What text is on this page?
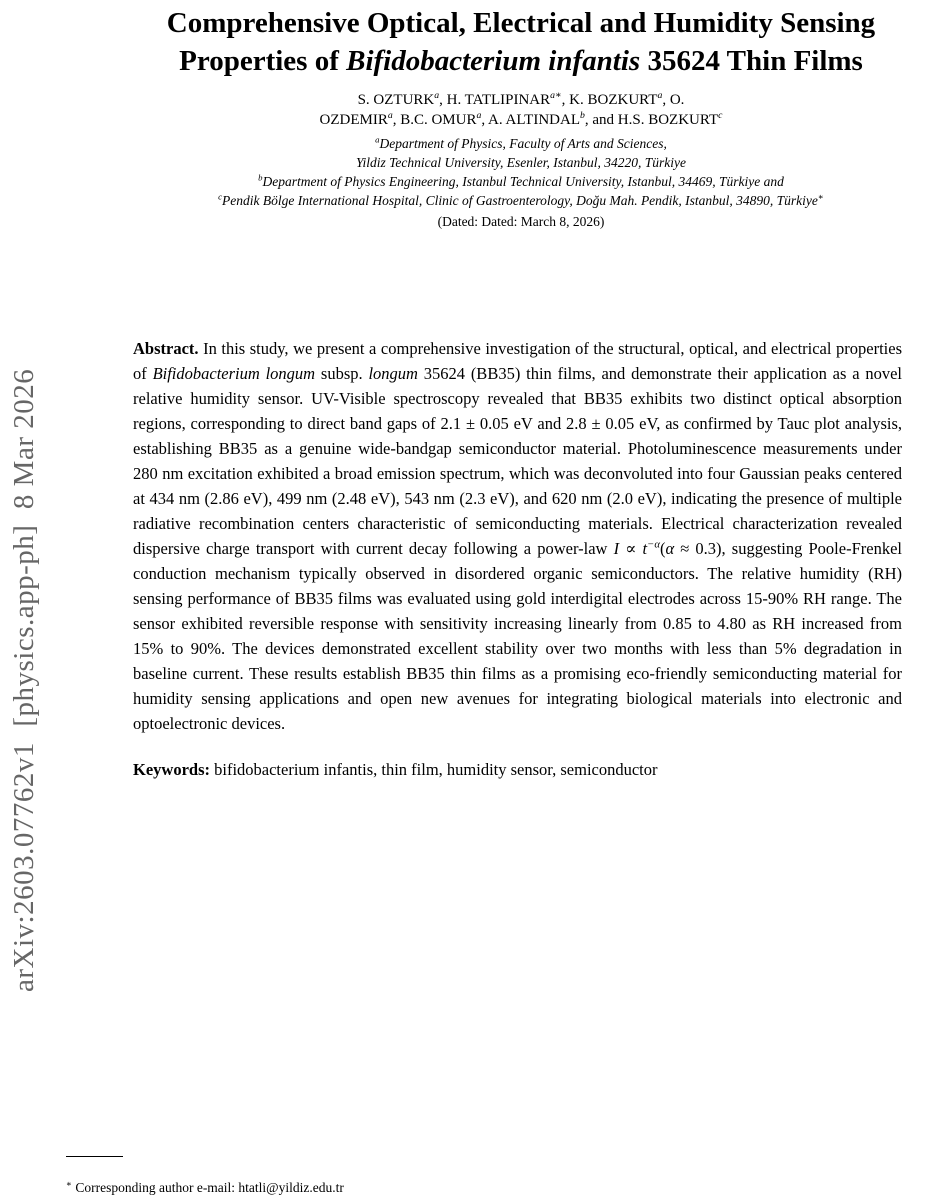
arXiv:2603.07762v1  [physics.app-ph]  8 Mar 2026
Comprehensive Optical, Electrical and Humidity Sensing
Properties of Bifidobacterium infantis 35624 Thin Films
S. OZTURK$^a$, H. $TATLIPINAR^{a∗}$, K. BOZKURT$^a$, O.
OZDEMIR$^a$, B.C. OMUR$^a$, A. ALTINDAL$^b$, and H.S. BOZKURT$^c$
$^a$Department of Physics, Faculty of Arts and Sciences,
Yildiz Technical University, Esenler, Istanbul, 34220, Türkiye
$^b$Department of Physics Engineering, Istanbul Technical University, Istanbul, 34469, Türkiye and
$^c$Pendik Bölge International Hospital, Clinic of Gastroenterology, Doğu Mah. Pendik, Istanbul, 34890, Türkiye∗
(Dated: Dated: March 8, 2026)

Abstract. In this study, we present a comprehensive investigation of the structural, optical, and electrical properties of Bifidobacterium longum subsp. longum 35624 (BB35) thin films, and demonstrate their application as a novel relative humidity sensor. UV-Visible spectroscopy revealed that BB35 exhibits two distinct optical absorption regions, corresponding to direct band gaps of 2.1 ± 0.05 eV and 2.8 ± 0.05 eV, as confirmed by Tauc plot analysis, establishing BB35 as a genuine wide-bandgap semiconductor material. Photoluminescence measurements under 280 nm excitation exhibited a broad emission spectrum, which was deconvoluted into four Gaussian peaks centered at 434 nm (2.86 eV), 499 nm (2.48 eV), 543 nm (2.3 eV), and 620 nm (2.0 eV), indicating the presence of multiple radiative recombination centers characteristic of semiconducting materials. Electrical characterization revealed dispersive charge transport with current decay following a power-law $I \propto t^{-\alpha}(\alpha \approx 0.3)$, suggesting Poole-Frenkel conduction mechanism typically observed in disordered organic semiconductors. The relative humidity (RH) sensing performance of BB35 films was evaluated using gold interdigital electrodes across 15-90% RH range. The sensor exhibited reversible response with sensitivity increasing linearly from 0.85 to 4.80 as RH increased from 15% to 90%. The devices demonstrated excellent stability over two months with less than 5% degradation in baseline current. These results establish BB35 thin films as a promising eco-friendly semiconducting material for humidity sensing applications and open new avenues for integrating biological materials into electronic and optoelectronic devices.

Keywords: bifidobacterium infantis, thin film, humidity sensor, semiconductor

∗ Corresponding author e-mail: htatli@yildiz.edu.tr
